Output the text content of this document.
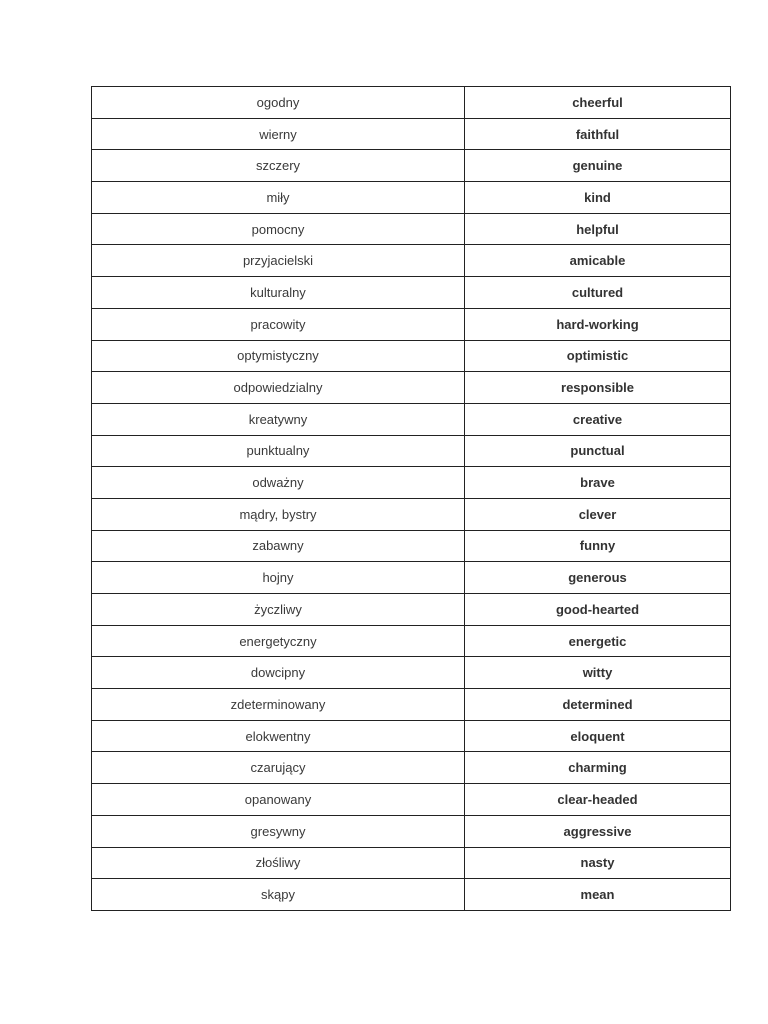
ogodny	cheerful
wierny	faithful
szczery	genuine
miły	kind
pomocny	helpful
przyjacielski	amicable
kulturalny	cultured
pracowity	hard-working
optymistyczny	optimistic
odpowiedzialny	responsible
kreatywny	creative
punktualny	punctual
odważny	brave
mądry, bystry	clever
zabawny	funny
hojny	generous
życzliwy	good-hearted
energetyczny	energetic
dowcipny	witty
zdeterminowany	determined
elokwentny	eloquent
czarujący	charming
opanowany	clear-headed
gresywny	aggressive
złośliwy	nasty
skąpy	mean
